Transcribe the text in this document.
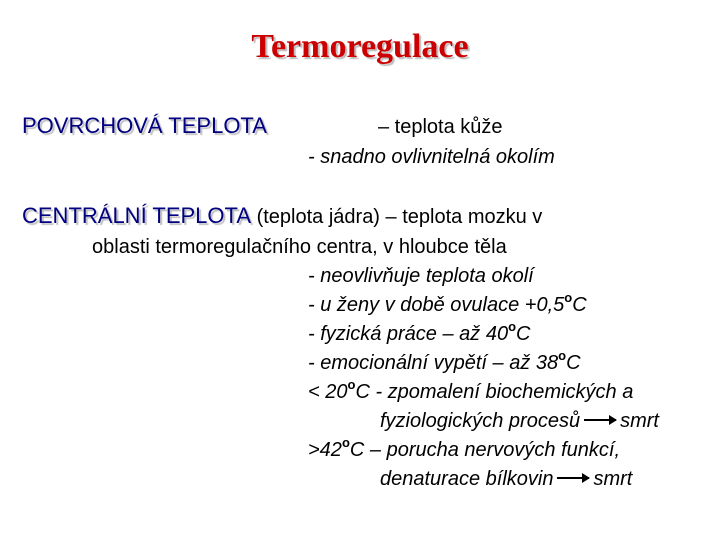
Termoregulace
POVRCHOVÁ TEPLOTA	– teplota kůže
- snadno ovlivnitelná okolím
CENTRÁLNÍ TEPLOTA (teplota jádra) – teplota mozku v
oblasti termoregulačního centra, v hloubce těla
- neovlivňuje teplota okolí
- u ženy v době ovulace $+0,5^oC$
- fyzická práce – až 40$^o$C
- emocionální vypětí – až $38^oC$
< $20^oC$ - zpomalení biochemických a
fyziologických procesů smrt
$>42^oC$ – porucha nervových funkcí,
denaturace bílkovin smrt
